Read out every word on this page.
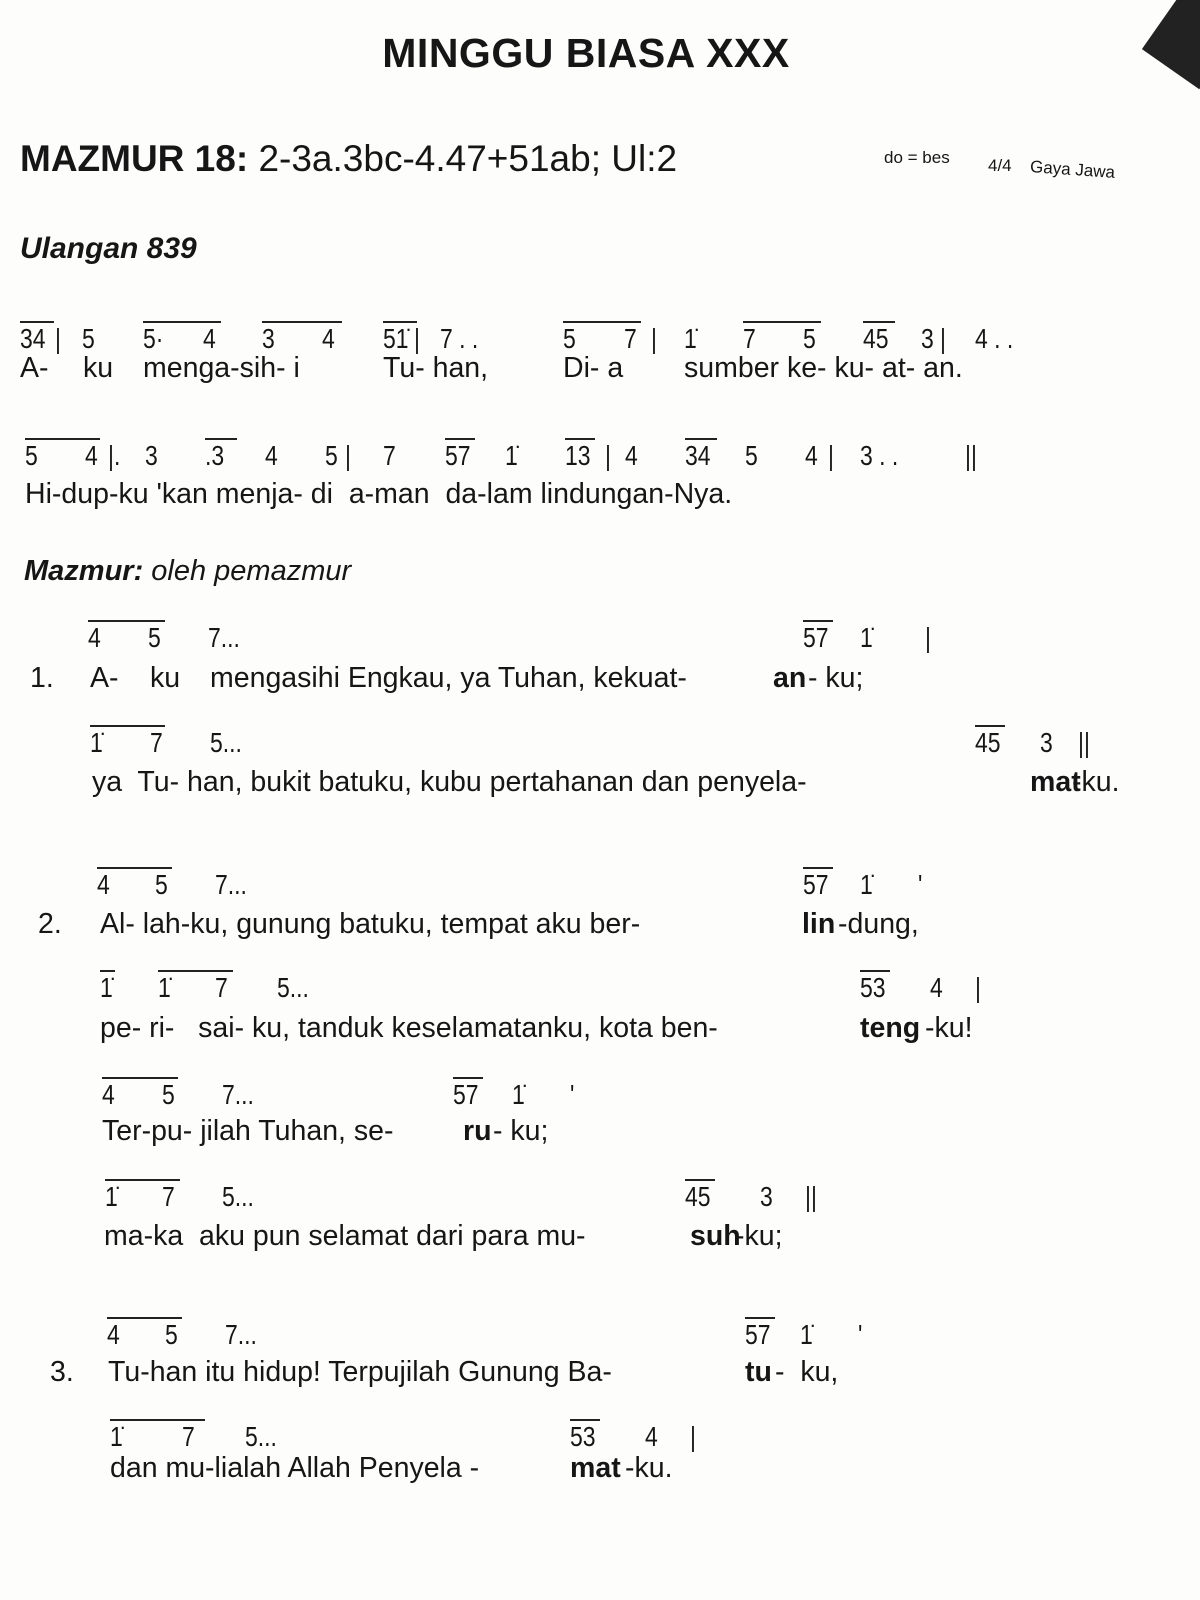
MINGGU BIASA XXX
MAZMUR 18: 2-3a.3bc-4.47+51ab; Ul:2	do = bes 4/4 Gaya Jawa
Ulangan 839
Mazmur: oleh pemazmur
34 | 5 5· 4 3 4 51̇ | 7 . .	5 7 | 1̇ 7 5 45 3 | 4 . .
A- ku menga-sih- i	Tu- han,	Di- a sumber ke- ku- at- an.
5 4 |. 3 .3 4 5 | 7 57 1̇ 13 | 4 34 5 4 | 3 . . ||
Hi-dup-ku 'kan menja- di  a-man  da-lam lindungan-Nya.
4 5 7...	57 1̇ |
A- ku mengasihi Engkau, ya Tuhan, kekuat-	an - ku;
1.
1̇ 7 5...	45 3 ||
ya  Tu- han, bukit batuku, kubu pertahanan dan penyela-	mat
-ku.
4 5 7...	57 1̇ '
Al- lah-ku, gunung batuku, tempat aku ber-	lin -dung,
2.
1̇ 1̇ 7 5...	53 4 |
pe- ri-   sai- ku, tanduk keselamatanku, kota ben-	teng -ku!
4 5 7...	57 1̇ '
Ter-pu- jilah Tuhan, se- ru - ku;
1̇ 7 5...	45 3 ||
ma-ka  aku pun selamat dari para mu-	suh
-ku;
4 5 7...	57 1̇ '
Tu-han itu hidup! Terpujilah Gunung Ba-	tu -  ku,
3.
1̇ 7 5...	53 4 |
dan mu-lialah Allah Penyela -	mat -ku.
